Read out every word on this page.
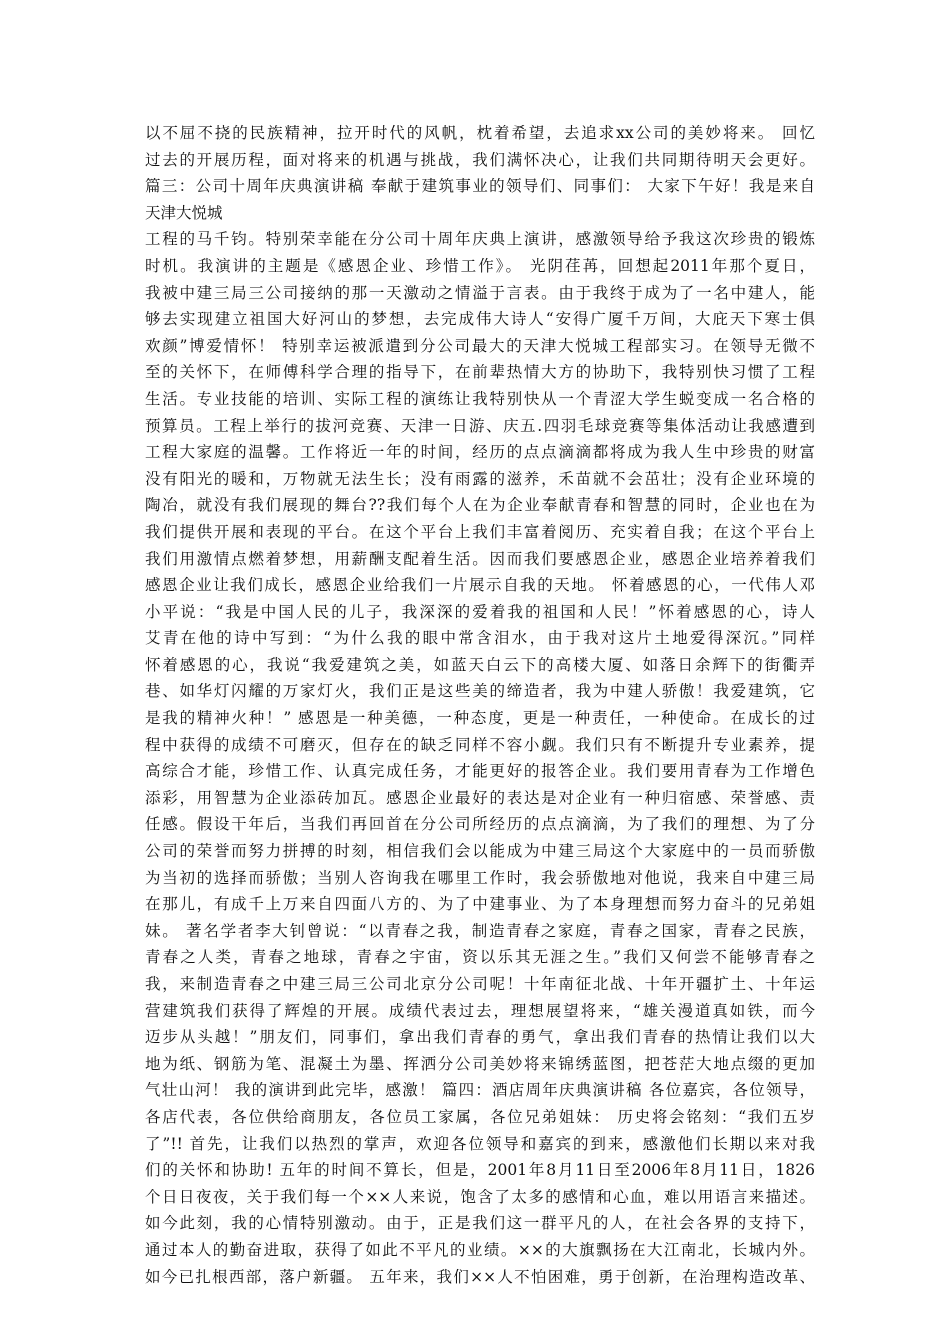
以不屈不挠的民族精神，拉开时代的风帆，枕着希望，去追求xx公司的美妙将来。 回忆
过去的开展历程，面对将来的机遇与挑战，我们满怀决心，让我们共同期待明天会更好。
篇三：公司十周年庆典演讲稿 奉献于建筑事业的领导们、同事们： 大家下午好！我是来自
天津大悦城
工程的马千钧。特别荣幸能在分公司十周年庆典上演讲，感激领导给予我这次珍贵的锻炼
时机。我演讲的主题是《感恩企业、珍惜工作》。 光阴荏苒，回想起2011年那个夏日，
我被中建三局三公司接纳的那一天激动之情溢于言表。由于我终于成为了一名中建人，能
够去实现建立祖国大好河山的梦想，去完成伟大诗人“安得广厦千万间，大庇天下寒士俱
欢颜”博爱情怀！ 特别幸运被派遣到分公司最大的天津大悦城工程部实习。在领导无微不
至的关怀下，在师傅科学合理的指导下，在前辈热情大方的协助下，我特别快习惯了工程
生活。专业技能的培训、实际工程的演练让我特别快从一个青涩大学生蜕变成一名合格的
预算员。工程上举行的拔河竞赛、天津一日游、庆五.四羽毛球竞赛等集体活动让我感遭到
工程大家庭的温馨。工作将近一年的时间，经历的点点滴滴都将成为我人生中珍贵的财富
没有阳光的暖和，万物就无法生长；没有雨露的滋养，禾苗就不会茁壮；没有企业环境的
陶冶，就没有我们展现的舞台??我们每个人在为企业奉献青春和智慧的同时，企业也在为
我们提供开展和表现的平台。在这个平台上我们丰富着阅历、充实着自我；在这个平台上
我们用激情点燃着梦想，用薪酬支配着生活。因而我们要感恩企业，感恩企业培养着我们
感恩企业让我们成长，感恩企业给我们一片展示自我的天地。 怀着感恩的心，一代伟人邓
小平说：“我是中国人民的儿子，我深深的爱着我的祖国和人民！”怀着感恩的心，诗人
艾青在他的诗中写到：“为什么我的眼中常含泪水，由于我对这片土地爱得深沉。”同样
怀着感恩的心，我说“我爱建筑之美，如蓝天白云下的高楼大厦、如落日余辉下的街衢弄
巷、如华灯闪耀的万家灯火，我们正是这些美的缔造者，我为中建人骄傲！我爱建筑，它
是我的精神火种！” 感恩是一种美德，一种态度，更是一种责任，一种使命。在成长的过
程中获得的成绩不可磨灭，但存在的缺乏同样不容小觑。我们只有不断提升专业素养，提
高综合才能，珍惜工作、认真完成任务，才能更好的报答企业。我们要用青春为工作增色
添彩，用智慧为企业添砖加瓦。感恩企业最好的表达是对企业有一种归宿感、荣誉感、责
任感。假设干年后，当我们再回首在分公司所经历的点点滴滴，为了我们的理想、为了分
公司的荣誉而努力拼搏的时刻，相信我们会以能成为中建三局这个大家庭中的一员而骄傲
为当初的选择而骄傲；当别人咨询我在哪里工作时，我会骄傲地对他说，我来自中建三局
在那儿，有成千上万来自四面八方的、为了中建事业、为了本身理想而努力奋斗的兄弟姐
妹。 著名学者李大钊曾说：“以青春之我，制造青春之家庭，青春之国家，青春之民族，
青春之人类，青春之地球，青春之宇宙，资以乐其无涯之生。”我们又何尝不能够青春之
我，来制造青春之中建三局三公司北京分公司呢！十年南征北战、十年开疆扩土、十年运
营建筑我们获得了辉煌的开展。成绩代表过去，理想展望将来，“雄关漫道真如铁，而今
迈步从头越！”朋友们，同事们，拿出我们青春的勇气，拿出我们青春的热情让我们以大
地为纸、钢筋为笔、混凝土为墨、挥洒分公司美妙将来锦绣蓝图，把苍茫大地点缀的更加
气壮山河！ 我的演讲到此完毕，感激！ 篇四：酒店周年庆典演讲稿 各位嘉宾，各位领导，
各店代表，各位供给商朋友，各位员工家属，各位兄弟姐妹： 历史将会铭刻：“我们五岁
了”!! 首先，让我们以热烈的掌声，欢迎各位领导和嘉宾的到来，感激他们长期以来对我
们的关怀和协助! 五年的时间不算长，但是，2001年8月11日至2006年8月11日，1826
个日日夜夜，关于我们每一个××人来说，饱含了太多的感情和心血，难以用语言来描述。
如今此刻，我的心情特别激动。由于，正是我们这一群平凡的人，在社会各界的支持下，
通过本人的勤奋进取，获得了如此不平凡的业绩。××的大旗飘扬在大江南北，长城内外。
如今已扎根西部，落户新疆。 五年来，我们××人不怕困难，勇于创新，在治理构造改革、
